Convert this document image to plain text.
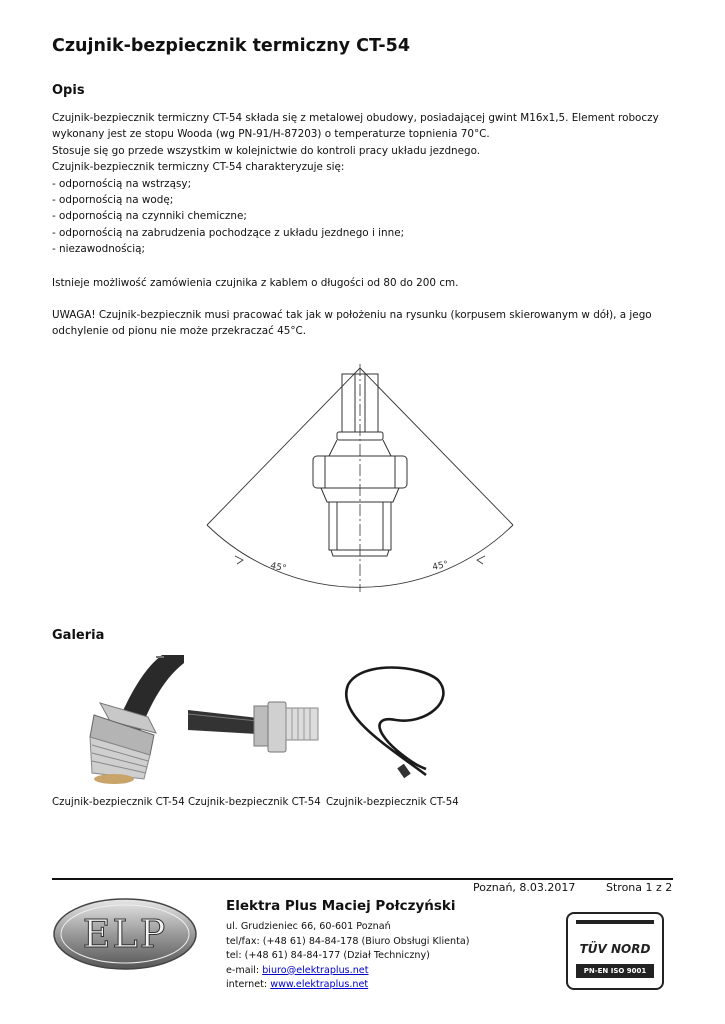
Czujnik-bezpiecznik termiczny CT-54
Opis
Czujnik-bezpiecznik termiczny CT-54 składa się z metalowej obudowy, posiadającej gwint M16x1,5. Element roboczy
wykonany jest ze stopu Wooda (wg PN-91/H-87203) o temperaturze topnienia 70°C.
Stosuje się go przede wszystkim w kolejnictwie do kontroli pracy układu jezdnego.
Czujnik-bezpiecznik termiczny CT-54 charakteryzuje się:
- odpornością na wstrząsy;
- odpornością na wodę;
- odpornością na czynniki chemiczne;
- odpornością na zabrudzenia pochodzące z układu jezdnego i inne;
- niezawodnością;
Istnieje możliwość zamówienia czujnika z kablem o długości od 80 do 200 cm.
UWAGA! Czujnik-bezpiecznik musi pracować tak jak w położeniu na rysunku (korpusem skierowanym w dół), a jego
odchylenie od pionu nie może przekraczać 45°C.
45°	45°
Galeria
Czujnik-bezpiecznik CT-54 Czujnik-bezpiecznik CT-54 Czujnik-bezpiecznik CT-54
Poznań, 8.03.2017	Strona 1 z 2
ELP
Elektra Plus Maciej Połczyński
ul. Grudzieniec 66, 60-601 Poznań
tel/fax: (+48 61) 84-84-178 (Biuro Obsługi Klienta)
tel: (+48 61) 84-84-177 (Dział Techniczny)
e-mail: biuro@elektraplus.net
internet: www.elektraplus.net
TÜV NORD
PN-EN ISO 9001
